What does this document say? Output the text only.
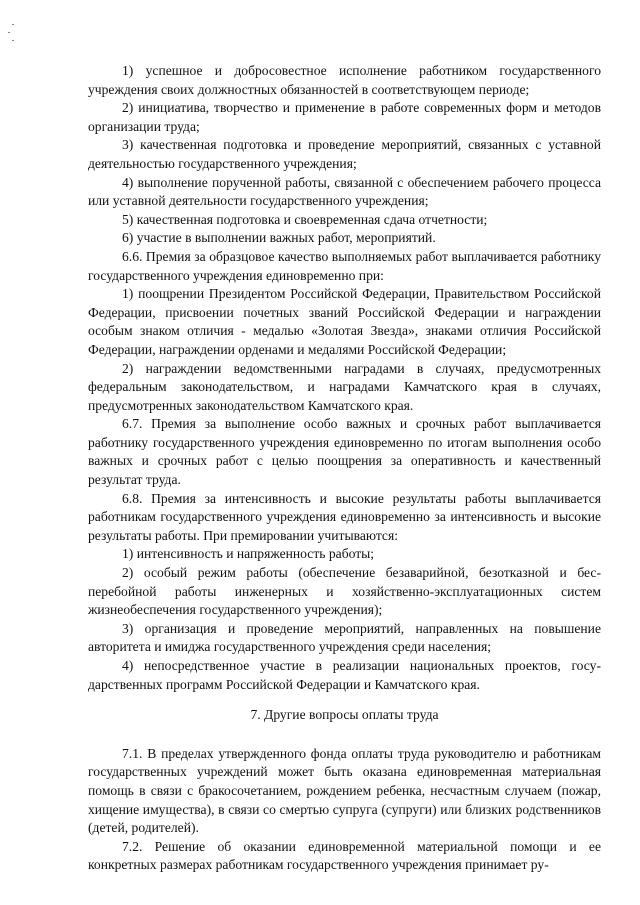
1) успешное и добросовестное исполнение работником государственного учреждения своих должностных обязанностей в соответствующем периоде;

2) инициатива, творчество и применение в работе современных форм и методов организации труда;

3) качественная подготовка и проведение мероприятий, связанных с уставной деятельностью государственного учреждения;

4) выполнение порученной работы, связанной с обеспечением рабочего процесса или уставной деятельности государственного учреждения;

5) качественная подготовка и своевременная сдача отчетности;

6) участие в выполнении важных работ, мероприятий.

6.6. Премия за образцовое качество выполняемых работ выплачивается работнику государственного учреждения единовременно при:

1) поощрении Президентом Российской Федерации, Правительством Российской Федерации, присвоении почетных званий Российской Федерации и награждении особым знаком отличия - медалью «Золотая Звезда», знаками отличия Российской Федерации, награждении орденами и медалями Российской Федерации;

2) награждении ведомственными наградами в случаях, предусмотренных федеральным законодательством, и наградами Камчатского края в случаях, предусмотренных законодательством Камчатского края.

6.7. Премия за выполнение особо важных и срочных работ выплачивается работнику государственного учреждения единовременно по итогам выполнения особо важных и срочных работ с целью поощрения за оперативность и качественный результат труда.

6.8. Премия за интенсивность и высокие результаты работы выплачивается работникам государственного учреждения единовременно за интенсивность и высокие результаты работы. При премировании учитываются:

1) интенсивность и напряженность работы;

2) особый режим работы (обеспечение безаварийной, безотказной и бесперебойной работы инженерных и хозяйственно-эксплуатационных систем жизнеобеспечения государственного учреждения);

3) организация и проведение мероприятий, направленных на повышение авторитета и имиджа государственного учреждения среди населения;

4) непосредственное участие в реализации национальных проектов, государственных программ Российской Федерации и Камчатского края.

7. Другие вопросы оплаты труда

7.1. В пределах утвержденного фонда оплаты труда руководителю и работникам государственных учреждений может быть оказана единовременная материальная помощь в связи с бракосочетанием, рождением ребенка, несчастным случаем (пожар, хищение имущества), в связи со смертью супруга (супруги) или близких родственников (детей, родителей).

7.2. Решение об оказании единовременной материальной помощи и ее конкретных размерах работникам государственного учреждения принимает ру-
